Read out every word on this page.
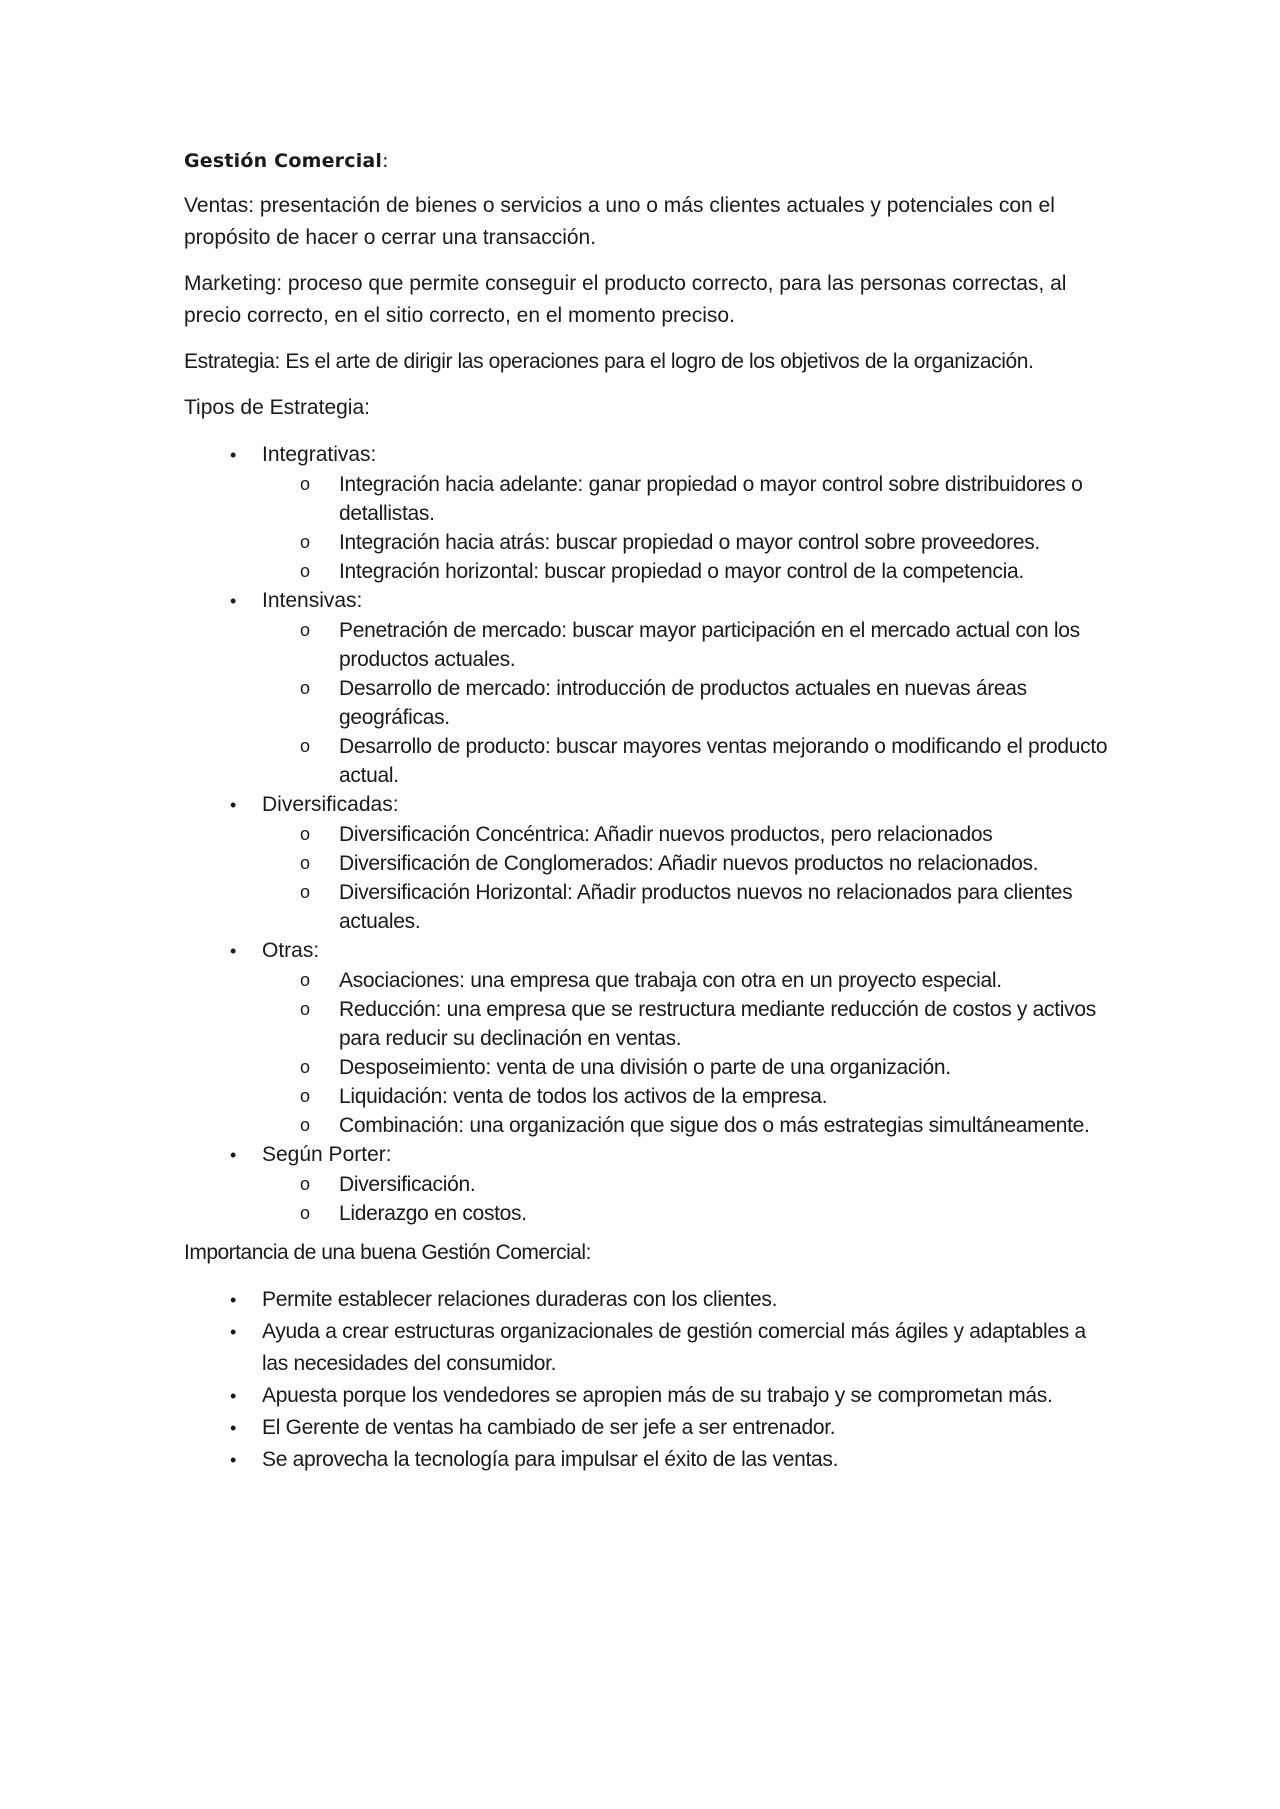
Gestión Comercial:

Ventas: presentación de bienes o servicios a uno o más clientes actuales y potenciales con el propósito de hacer o cerrar una transacción.

Marketing: proceso que permite conseguir el producto correcto, para las personas correctas, al precio correcto, en el sitio correcto, en el momento preciso.

Estrategia: Es el arte de dirigir las operaciones para el logro de los objetivos de la organización.

Tipos de Estrategia:

• Integrativas:
o Integración hacia adelante: ganar propiedad o mayor control sobre distribuidores o detallistas.
o Integración hacia atrás: buscar propiedad o mayor control sobre proveedores.
o Integración horizontal: buscar propiedad o mayor control de la competencia.
• Intensivas:
o Penetración de mercado: buscar mayor participación en el mercado actual con los productos actuales.
o Desarrollo de mercado: introducción de productos actuales en nuevas áreas geográficas.
o Desarrollo de producto: buscar mayores ventas mejorando o modificando el producto actual.
• Diversificadas:
o Diversificación Concéntrica: Añadir nuevos productos, pero relacionados
o Diversificación de Conglomerados: Añadir nuevos productos no relacionados.
o Diversificación Horizontal: Añadir productos nuevos no relacionados para clientes actuales.
• Otras:
o Asociaciones: una empresa que trabaja con otra en un proyecto especial.
o Reducción: una empresa que se restructura mediante reducción de costos y activos para reducir su declinación en ventas.
o Desposeimiento: venta de una división o parte de una organización.
o Liquidación: venta de todos los activos de la empresa.
o Combinación: una organización que sigue dos o más estrategias simultáneamente.
• Según Porter:
o Diversificación.
o Liderazgo en costos.
Importancia de una buena Gestión Comercial:
• Permite establecer relaciones duraderas con los clientes.
• Ayuda a crear estructuras organizacionales de gestión comercial más ágiles y adaptables a las necesidades del consumidor.
• Apuesta porque los vendedores se apropien más de su trabajo y se comprometan más.
• El Gerente de ventas ha cambiado de ser jefe a ser entrenador.
• Se aprovecha la tecnología para impulsar el éxito de las ventas.
